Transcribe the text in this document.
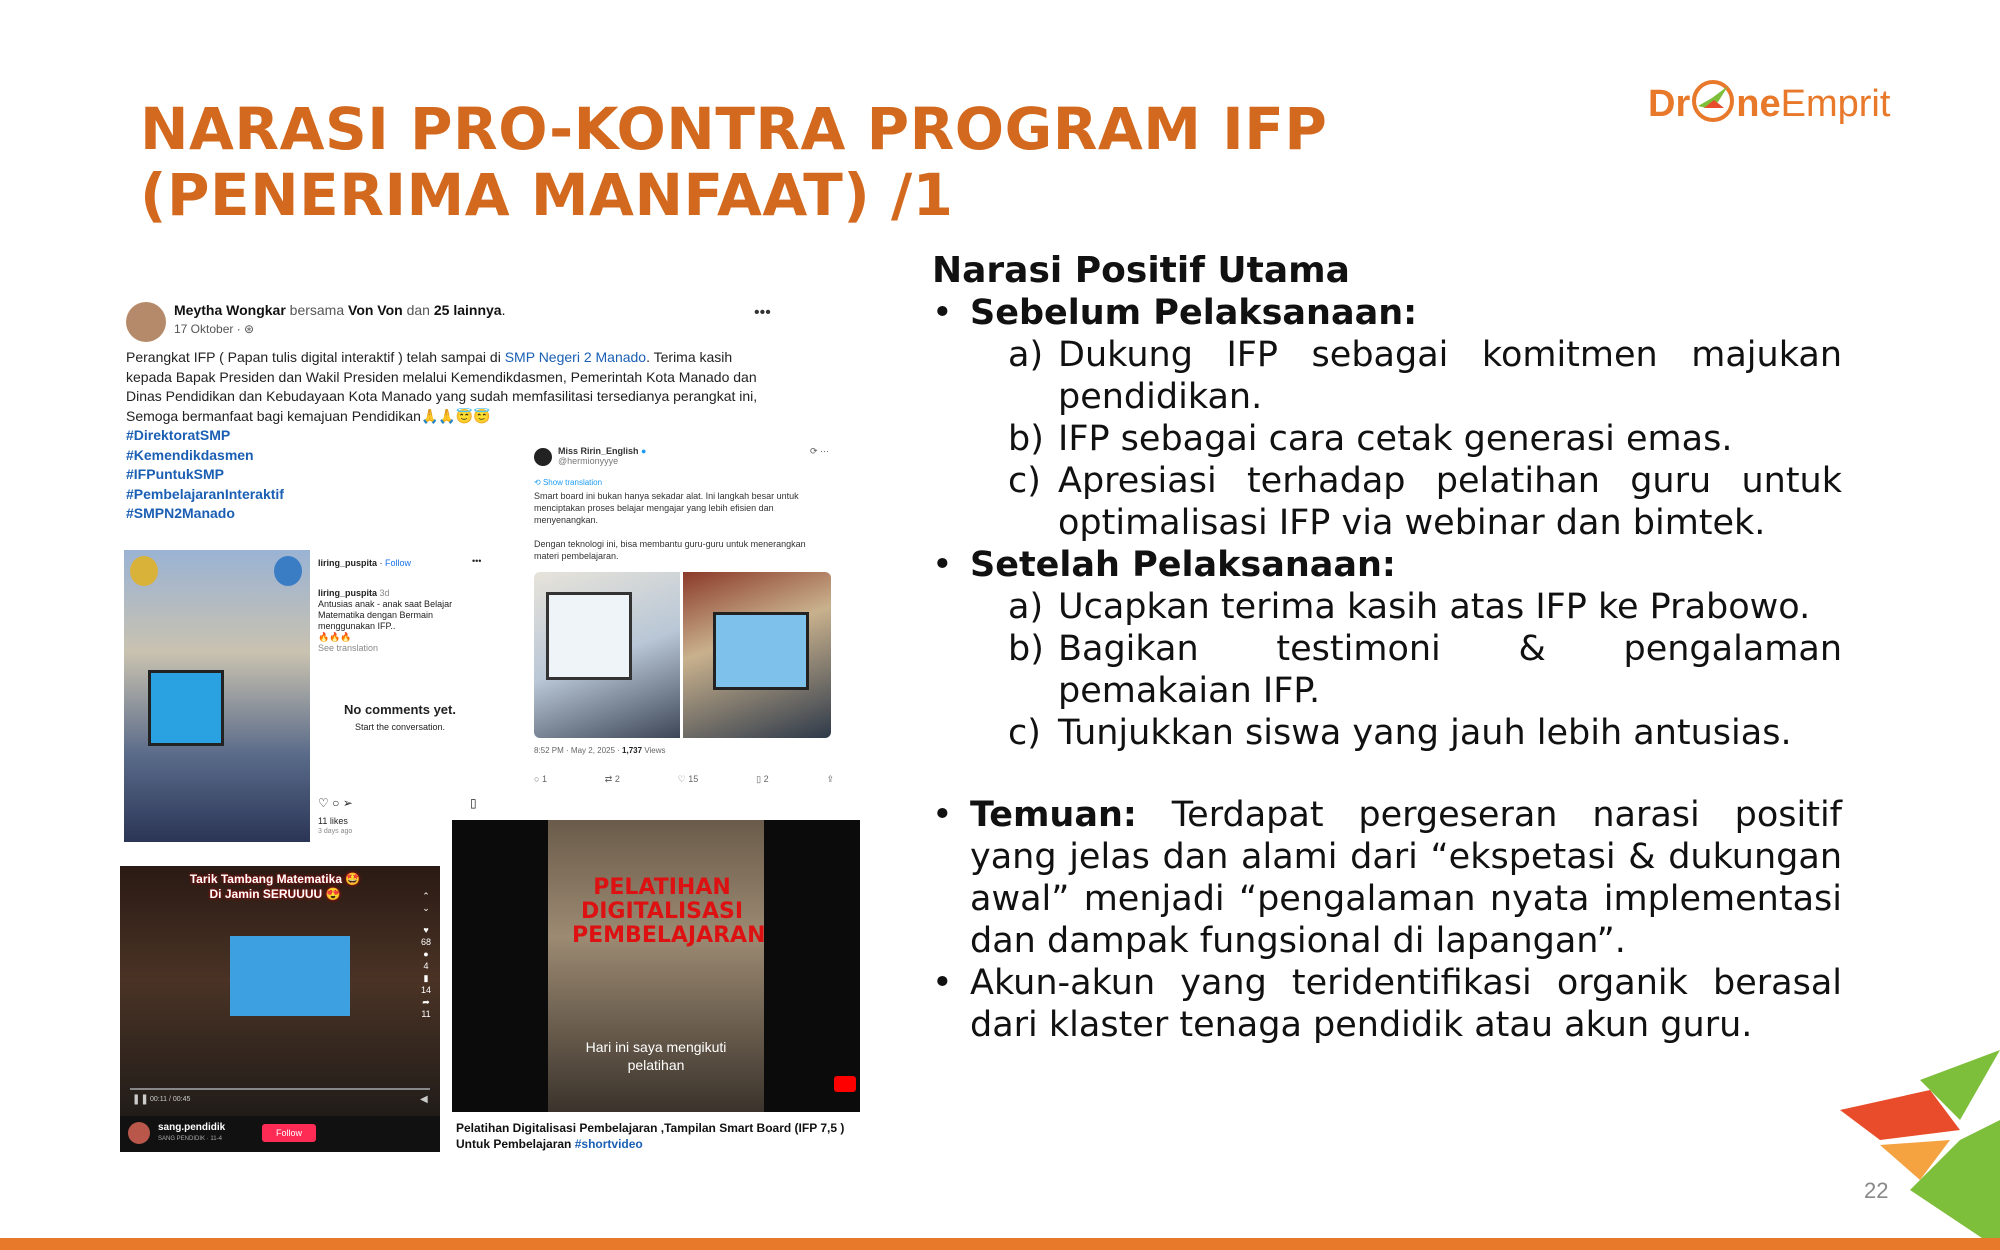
NARASI PRO-KONTRA PROGRAM IFP
(PENERIMA MANFAAT) /1
Dr neEmprit
Meytha Wongkar bersama Von Von dan 25 lainnya.
17 Oktober · ⊛
•••
Perangkat IFP ( Papan tulis digital interaktif ) telah sampai di SMP Negeri 2 Manado. Terima kasih kepada Bapak Presiden dan Wakil Presiden melalui Kemendikdasmen, Pemerintah Kota Manado dan Dinas Pendidikan dan Kebudayaan Kota Manado yang sudah memfasilitasi tersedianya perangkat ini, Semoga bermanfaat bagi kemajuan Pendidikan🙏🙏😇😇
#DirektoratSMP
#Kemendikdasmen
#IFPuntukSMP
#PembelajaranInteraktif
#SMPN2Manado
liring_puspita · Follow	•••
liring_puspita 3d
Antusias anak - anak saat Belajar Matematika dengan Bermain menggunakan IFP..
🔥🔥🔥
See translation
No comments yet.
Start the conversation.
♡ ○ ➢	▯
11 likes
3 days ago
Miss Ririn_English ●
@hermionyyye
⟳ ···
⟲ Show translation
Smart board ini bukan hanya sekadar alat. Ini langkah besar untuk menciptakan proses belajar mengajar yang lebih efisien dan menyenangkan.
Dengan teknologi ini, bisa membantu guru-guru untuk menerangkan materi pembelajaran.
8:52 PM · May 2, 2025 · 1,737 Views
○ 1	⇄ 2	♡ 15	▯ 2	⇪
Tarik Tambang Matematika 🤩
Di Jamin SERUUUU 😍	⌃
⌄
♥
68
●
4
▮
14
➦
11
❚❚ 00:11 / 00:45	◀
sang.pendidik
SANG PENDIDIK · 11-4
Follow
PELATIHAN DIGITALISASI PEMBELAJARAN
Hari ini saya mengikuti
pelatihan
Pelatihan Digitalisasi Pembelajaran ,Tampilan Smart Board (IFP 7,5 ) Untuk Pembelajaran #shortvideo
Narasi Positif Utama
• Sebelum Pelaksanaan:
a) Dukung IFP sebagai komitmen majukan pendidikan.
b) IFP sebagai cara cetak generasi emas.
c) Apresiasi terhadap pelatihan guru untuk optimalisasi IFP via webinar dan bimtek.
• Setelah Pelaksanaan:
a) Ucapkan terima kasih atas IFP ke Prabowo.
b) Bagikan testimoni & pengalaman pemakaian IFP.
c) Tunjukkan siswa yang jauh lebih antusias.
• Temuan: Terdapat pergeseran narasi positif yang jelas dan alami dari “ekspetasi & dukungan awal” menjadi “pengalaman nyata implementasi dan dampak fungsional di lapangan”.
• Akun-akun yang teridentifikasi organik berasal dari klaster tenaga pendidik atau akun guru.
22
